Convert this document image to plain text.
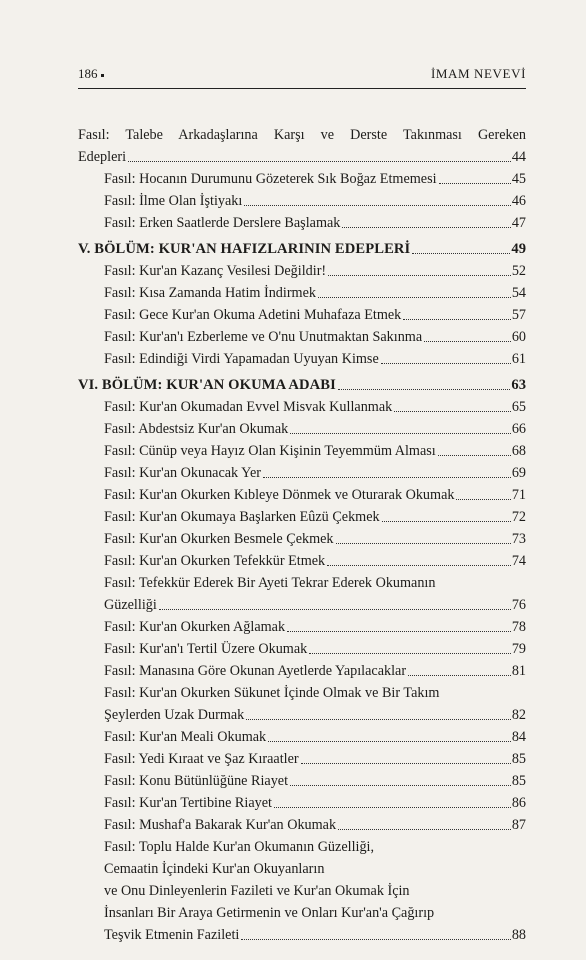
186	İMAM NEVEVİ
Fasıl: Talebe Arkadaşlarına Karşı ve Derste Takınması Gereken
Edepleri	44
Fasıl: Hocanın Durumunu Gözeterek Sık Boğaz Etmemesi	45
Fasıl: İlme Olan İştiyakı	46
Fasıl: Erken Saatlerde Derslere Başlamak	47
V. BÖLÜM: KUR'AN HAFIZLARININ EDEPLERİ	49
Fasıl: Kur'an Kazanç Vesilesi Değildir!	52
Fasıl: Kısa Zamanda Hatim İndirmek	54
Fasıl: Gece Kur'an Okuma Adetini Muhafaza Etmek	57
Fasıl: Kur'an'ı Ezberleme ve O'nu Unutmaktan Sakınma	60
Fasıl: Edindiği Virdi Yapamadan Uyuyan Kimse	61
VI. BÖLÜM: KUR'AN OKUMA ADABI	63
Fasıl: Kur'an Okumadan Evvel Misvak Kullanmak	65
Fasıl: Abdestsiz Kur'an Okumak	66
Fasıl: Cünüp veya Hayız Olan Kişinin Teyemmüm Alması	68
Fasıl: Kur'an Okunacak Yer	69
Fasıl: Kur'an Okurken Kıbleye Dönmek ve Oturarak Okumak	71
Fasıl: Kur'an Okumaya Başlarken Eûzü Çekmek	72
Fasıl: Kur'an Okurken Besmele Çekmek	73
Fasıl: Kur'an Okurken Tefekkür Etmek	74
Fasıl: Tefekkür Ederek Bir Ayeti Tekrar Ederek Okumanın
Güzelliği	76
Fasıl: Kur'an Okurken Ağlamak	78
Fasıl: Kur'an'ı Tertil Üzere Okumak	79
Fasıl: Manasına Göre Okunan Ayetlerde Yapılacaklar	81
Fasıl: Kur'an Okurken Sükunet İçinde Olmak ve Bir Takım
Şeylerden Uzak Durmak	82
Fasıl: Kur'an Meali Okumak	84
Fasıl: Yedi Kıraat ve Şaz Kıraatler	85
Fasıl: Konu Bütünlüğüne Riayet	85
Fasıl: Kur'an Tertibine Riayet	86
Fasıl: Mushaf'a Bakarak Kur'an Okumak	87
Fasıl: Toplu Halde Kur'an Okumanın Güzelliği,
Cemaatin İçindeki Kur'an Okuyanların
ve Onu Dinleyenlerin Fazileti ve Kur'an Okumak İçin
İnsanları Bir Araya Getirmenin ve Onları Kur'an'a Çağırıp
Teşvik Etmenin Fazileti	88
